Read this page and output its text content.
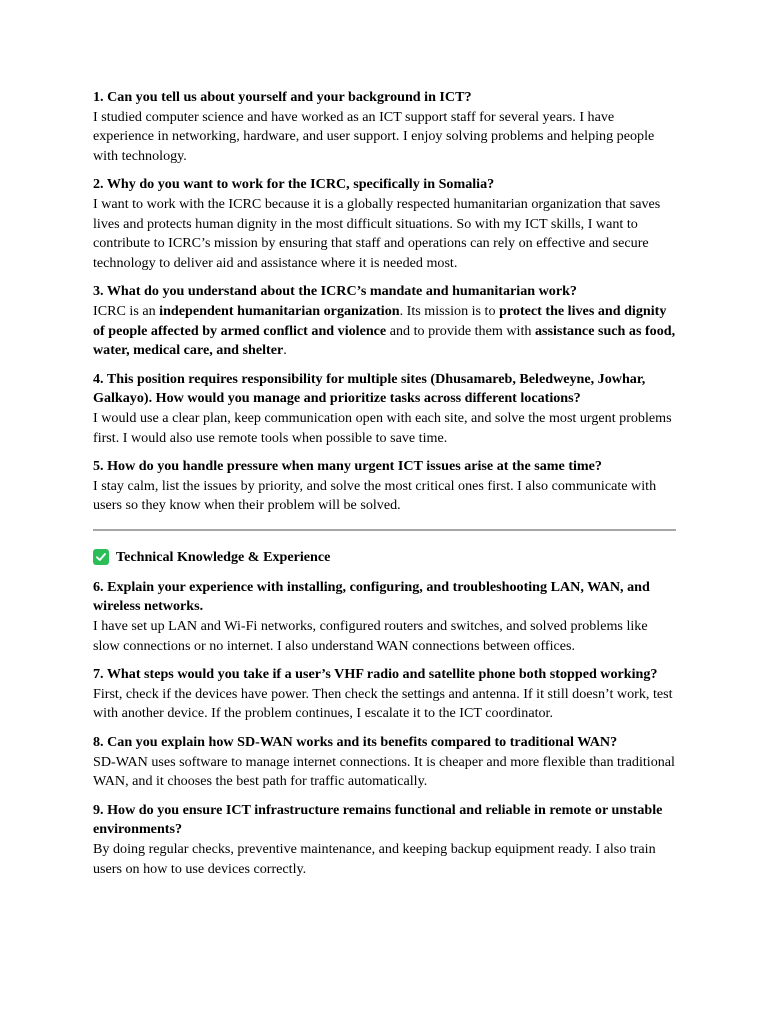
1. Can you tell us about yourself and your background in ICT?

I studied computer science and have worked as an ICT support staff for several years. I have experience in networking, hardware, and user support. I enjoy solving problems and helping people with technology.

2. Why do you want to work for the ICRC, specifically in Somalia?

I want to work with the ICRC because it is a globally respected humanitarian organization that saves lives and protects human dignity in the most difficult situations. So with my ICT skills, I want to contribute to ICRC’s mission by ensuring that staff and operations can rely on effective and secure technology to deliver aid and assistance where it is needed most.

3. What do you understand about the ICRC’s mandate and humanitarian work?

ICRC is an independent humanitarian organization. Its mission is to protect the lives and dignity of people affected by armed conflict and violence and to provide them with assistance such as food, water, medical care, and shelter.

4. This position requires responsibility for multiple sites (Dhusamareb, Beledweyne, Jowhar, Galkayo). How would you manage and prioritize tasks across different locations?

I would use a clear plan, keep communication open with each site, and solve the most urgent problems first. I would also use remote tools when possible to save time.

5. How do you handle pressure when many urgent ICT issues arise at the same time?

I stay calm, list the issues by priority, and solve the most critical ones first. I also communicate with users so they know when their problem will be solved.

Technical Knowledge & Experience

6. Explain your experience with installing, configuring, and troubleshooting LAN, WAN, and wireless networks.

I have set up LAN and Wi-Fi networks, configured routers and switches, and solved problems like slow connections or no internet. I also understand WAN connections between offices.

7. What steps would you take if a user’s VHF radio and satellite phone both stopped working?

First, check if the devices have power. Then check the settings and antenna. If it still doesn’t work, test with another device. If the problem continues, I escalate it to the ICT coordinator.

8. Can you explain how SD-WAN works and its benefits compared to traditional WAN?

SD-WAN uses software to manage internet connections. It is cheaper and more flexible than traditional WAN, and it chooses the best path for traffic automatically.

9. How do you ensure ICT infrastructure remains functional and reliable in remote or unstable environments?

By doing regular checks, preventive maintenance, and keeping backup equipment ready. I also train users on how to use devices correctly.
